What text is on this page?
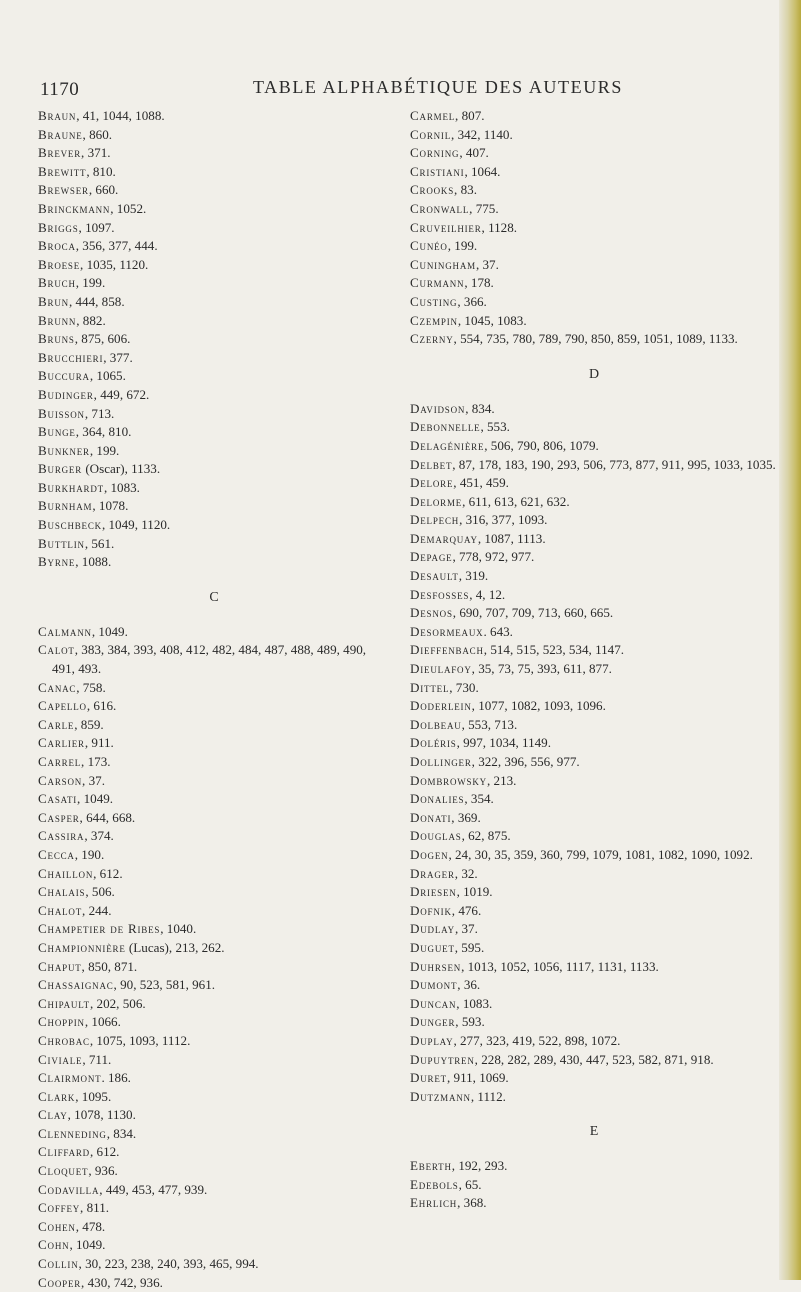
1170	TABLE ALPHABÉTIQUE DES AUTEURS
Braun, 41, 1044, 1088.
Braune, 860.
Brever, 371.
Brewitt, 810.
Brewser, 660.
Brinckmann, 1052.
Briggs, 1097.
Broca, 356, 377, 444.
Broese, 1035, 1120.
Bruch, 199.
Brun, 444, 858.
Brunn, 882.
Bruns, 875, 606.
Brucchieri, 377.
Buccura, 1065.
Budinger, 449, 672.
Buisson, 713.
Bunge, 364, 810.
Bunkner, 199.
Burger (Oscar), 1133.
Burkhardt, 1083.
Burnham, 1078.
Buschbeck, 1049, 1120.
Buttlin, 561.
Byrne, 1088.
C
Calmann, 1049.
Calot, 383, 384, 393, 408, 412, 482, 484, 487, 488, 489, 490, 491, 493.
Canac, 758.
Capello, 616.
Carle, 859.
Carlier, 911.
Carrel, 173.
Carson, 37.
Casati, 1049.
Casper, 644, 668.
Cassira, 374.
Cecca, 190.
Chaillon, 612.
Chalais, 506.
Chalot, 244.
Champetier de Ribes, 1040.
Championnière (Lucas), 213, 262.
Chaput, 850, 871.
Chassaignac, 90, 523, 581, 961.
Chipault, 202, 506.
Choppin, 1066.
Chrobac, 1075, 1093, 1112.
Civiale, 711.
Clairmont. 186.
Clark, 1095.
Clay, 1078, 1130.
Clenneding, 834.
Cliffard, 612.
Cloquet, 936.
Codavilla, 449, 453, 477, 939.
Coffey, 811.
Cohen, 478.
Cohn, 1049.
Collin, 30, 223, 238, 240, 393, 465, 994.
Cooper, 430, 742, 936.
Carmel, 807.
Cornil, 342, 1140.
Corning, 407.
Cristiani, 1064.
Crooks, 83.
Cronwall, 775.
Cruveilhier, 1128.
Cunéo, 199.
Cuningham, 37.
Curmann, 178.
Custing, 366.
Czempin, 1045, 1083.
Czerny, 554, 735, 780, 789, 790, 850, 859, 1051, 1089, 1133.
D
Davidson, 834.
Debonnelle, 553.
Delagénière, 506, 790, 806, 1079.
Delbet, 87, 178, 183, 190, 293, 506, 773, 877, 911, 995, 1033, 1035.
Delore, 451, 459.
Delorme, 611, 613, 621, 632.
Delpech, 316, 377, 1093.
Demarquay, 1087, 1113.
Depage, 778, 972, 977.
Desault, 319.
Desfosses, 4, 12.
Desnos, 690, 707, 709, 713, 660, 665.
Desormeaux. 643.
Dieffenbach, 514, 515, 523, 534, 1147.
Dieulafoy, 35, 73, 75, 393, 611, 877.
Dittel, 730.
Doderlein, 1077, 1082, 1093, 1096.
Dolbeau, 553, 713.
Doléris, 997, 1034, 1149.
Dollinger, 322, 396, 556, 977.
Dombrowsky, 213.
Donalies, 354.
Donati, 369.
Douglas, 62, 875.
Dogen, 24, 30, 35, 359, 360, 799, 1079, 1081, 1082, 1090, 1092.
Drager, 32.
Driesen, 1019.
Dofnik, 476.
Dudlay, 37.
Duguet, 595.
Duhrsen, 1013, 1052, 1056, 1117, 1131, 1133.
Dumont, 36.
Duncan, 1083.
Dunger, 593.
Duplay, 277, 323, 419, 522, 898, 1072.
Dupuytren, 228, 282, 289, 430, 447, 523, 582, 871, 918.
Duret, 911, 1069.
Dutzmann, 1112.
E
Eberth, 192, 293.
Edebols, 65.
Ehrlich, 368.
